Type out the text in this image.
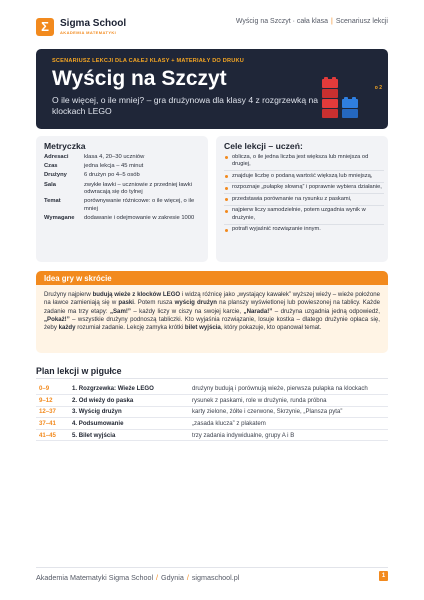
Σ	Sigma School
AKADEMIA MATEMATYKI
Wyścig na Szczyt · cała klasa | Scenariusz lekcji
SCENARIUSZ LEKCJI DLA CAŁEJ KLASY + MATERIAŁY DO DRUKU
Wyścig na Szczyt
O ile więcej, o ile mniej? – gra drużynowa dla klasy 4 z rozgrzewką na klockach LEGO
o 2
Metryczka
Adresaci	klasa 4, 20–30 uczniów
Czas	jedna lekcja – 45 minut
Drużyny	6 drużyn po 4–5 osób
Sala	zwykłe ławki – uczniowie z przedniej ławki odwracają się do tylnej
Temat	porównywanie różnicowe: o ile więcej, o ile mniej
Wymagane	dodawanie i odejmowanie w zakresie 1000
Cele lekcji – uczeń:
oblicza, o ile jedna liczba jest większa lub mniejsza od drugiej,
znajduje liczbę o podaną wartość większą lub mniejszą,
rozpoznaje „pułapkę słowną” i poprawnie wybiera działanie,
przedstawia porównanie na rysunku z paskami,
najpierw liczy samodzielnie, potem uzgadnia wynik w drużynie,
potrafi wyjaśnić rozwiązanie innym.
Idea gry w skrócie

Drużyny najpierw budują wieże z klocków LEGO i widzą różnicę jako „wystający kawałek” wyższej wieży – wieże położone na ławce zamieniają się w paski. Potem rusza wyścig drużyn na planszy wyświetlonej lub powieszonej na tablicy. Każde zadanie ma trzy etapy: „Sam!” – każdy liczy w ciszy na swojej karcie, „Narada!” – drużyna uzgadnia jedną odpowiedź, „Pokaż!” – wszystkie drużyny podnoszą tabliczki. Kto wyjaśnia rozwiązanie, losuje kostka – dlatego drużynie opłaca się, żeby każdy rozumiał zadanie. Lekcję zamyka krótki bilet wyjścia, który pokazuje, kto opanował temat.

Plan lekcji w pigułce
0–9	1. Rozgrzewka: Wieże LEGO	drużyny budują i porównują wieże, pierwsza pułapka na klockach
9–12	2. Od wieży do paska	rysunek z paskami, role w drużynie, runda próbna
12–37	3. Wyścig drużyn	karty zielone, żółte i czerwone, Skrzynie, „Plansza pyta”
37–41	4. Podsumowanie	„zasada klucza” z plakatem
41–45	5. Bilet wyjścia	trzy zadania indywidualne, grupy A i B
Akademia Matematyki Sigma School / Gdynia / sigmaschool.pl	1
